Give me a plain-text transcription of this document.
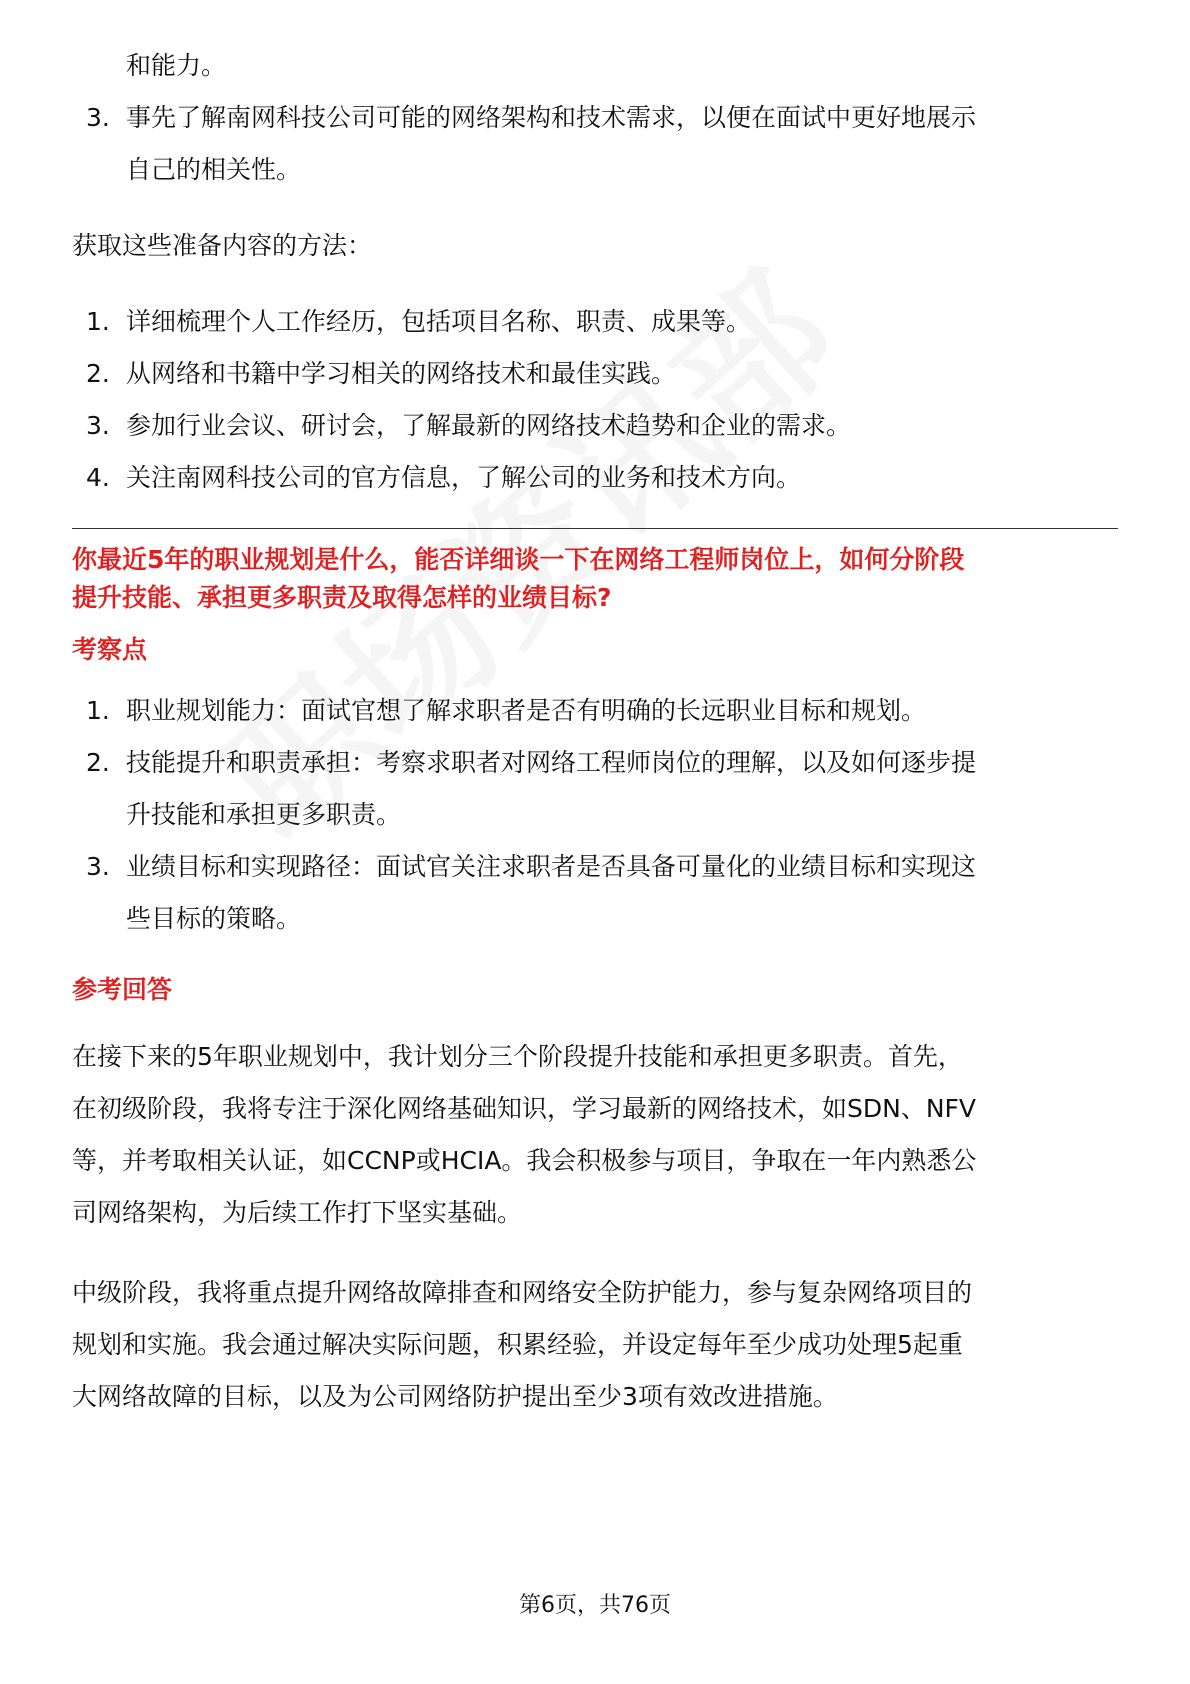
和能力。

3. 事先了解南网科技公司可能的网络架构和技术需求，以便在面试中更好地展示
自己的相关性。

获取这些准备内容的方法：

1. 详细梳理个人工作经历，包括项目名称、职责、成果等。
2. 从网络和书籍中学习相关的网络技术和最佳实践。
3. 参加行业会议、研讨会，了解最新的网络技术趋势和企业的需求。
4. 关注南网科技公司的官方信息，了解公司的业务和技术方向。

你最近5年的职业规划是什么，能否详细谈一下在网络工程师岗位上，如何分阶段
提升技能、承担更多职责及取得怎样的业绩目标?

考察点

1. 职业规划能力：面试官想了解求职者是否有明确的长远职业目标和规划。
2. 技能提升和职责承担：考察求职者对网络工程师岗位的理解，以及如何逐步提
升技能和承担更多职责。
3. 业绩目标和实现路径：面试官关注求职者是否具备可量化的业绩目标和实现这
些目标的策略。

参考回答

在接下来的5年职业规划中，我计划分三个阶段提升技能和承担更多职责。首先，

在初级阶段，我将专注于深化网络基础知识，学习最新的网络技术，如SDN、NFV

等，并考取相关认证，如CCNP或HCIA。我会积极参与项目，争取在一年内熟悉公

司网络架构，为后续工作打下坚实基础。

中级阶段，我将重点提升网络故障排查和网络安全防护能力，参与复杂网络项目的

规划和实施。我会通过解决实际问题，积累经验，并设定每年至少成功处理5起重

大网络故障的目标，以及为公司网络防护提出至少3项有效改进措施。

第6页，共76页
